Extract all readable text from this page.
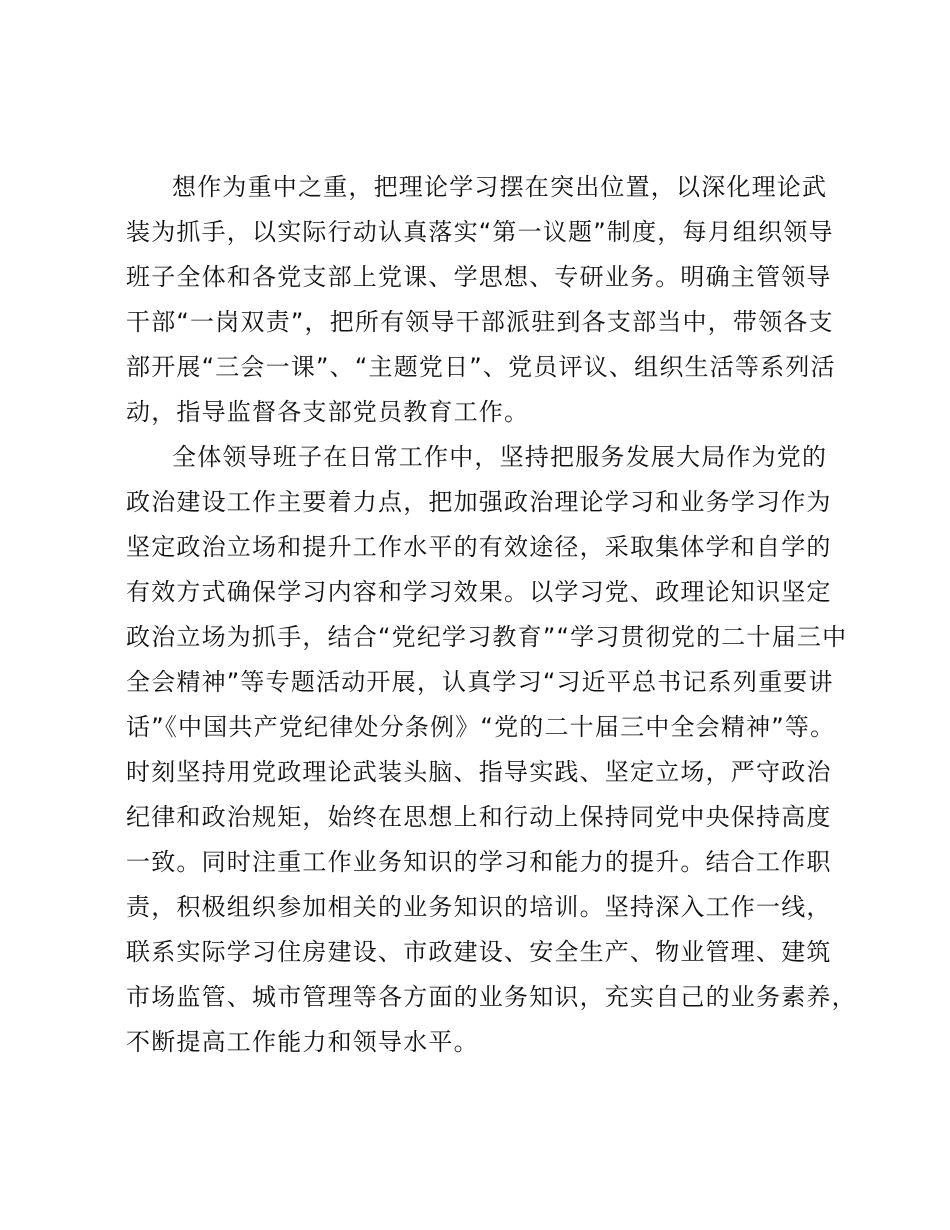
想作为重中之重，把理论学习摆在突出位置，以深化理论武
装为抓手，以实际行动认真落实“第一议题”制度，每月组织领导
班子全体和各党支部上党课、学思想、专研业务。明确主管领导
干部“一岗双责”，把所有领导干部派驻到各支部当中，带领各支
部开展“三会一课”、“主题党日”、党员评议、组织生活等系列活
动，指导监督各支部党员教育工作。
全体领导班子在日常工作中，坚持把服务发展大局作为党的
政治建设工作主要着力点，把加强政治理论学习和业务学习作为
坚定政治立场和提升工作水平的有效途径，采取集体学和自学的
有效方式确保学习内容和学习效果。以学习党、政理论知识坚定
政治立场为抓手，结合“党纪学习教育”“学习贯彻党的二十届三中
全会精神”等专题活动开展，认真学习“习近平总书记系列重要讲
话”《中国共产党纪律处分条例》“党的二十届三中全会精神”等。
时刻坚持用党政理论武装头脑、指导实践、坚定立场，严守政治
纪律和政治规矩，始终在思想上和行动上保持同党中央保持高度
一致。同时注重工作业务知识的学习和能力的提升。结合工作职
责，积极组织参加相关的业务知识的培训。坚持深入工作一线，
联系实际学习住房建设、市政建设、安全生产、物业管理、建筑
市场监管、城市管理等各方面的业务知识，充实自己的业务素养，
不断提高工作能力和领导水平。
